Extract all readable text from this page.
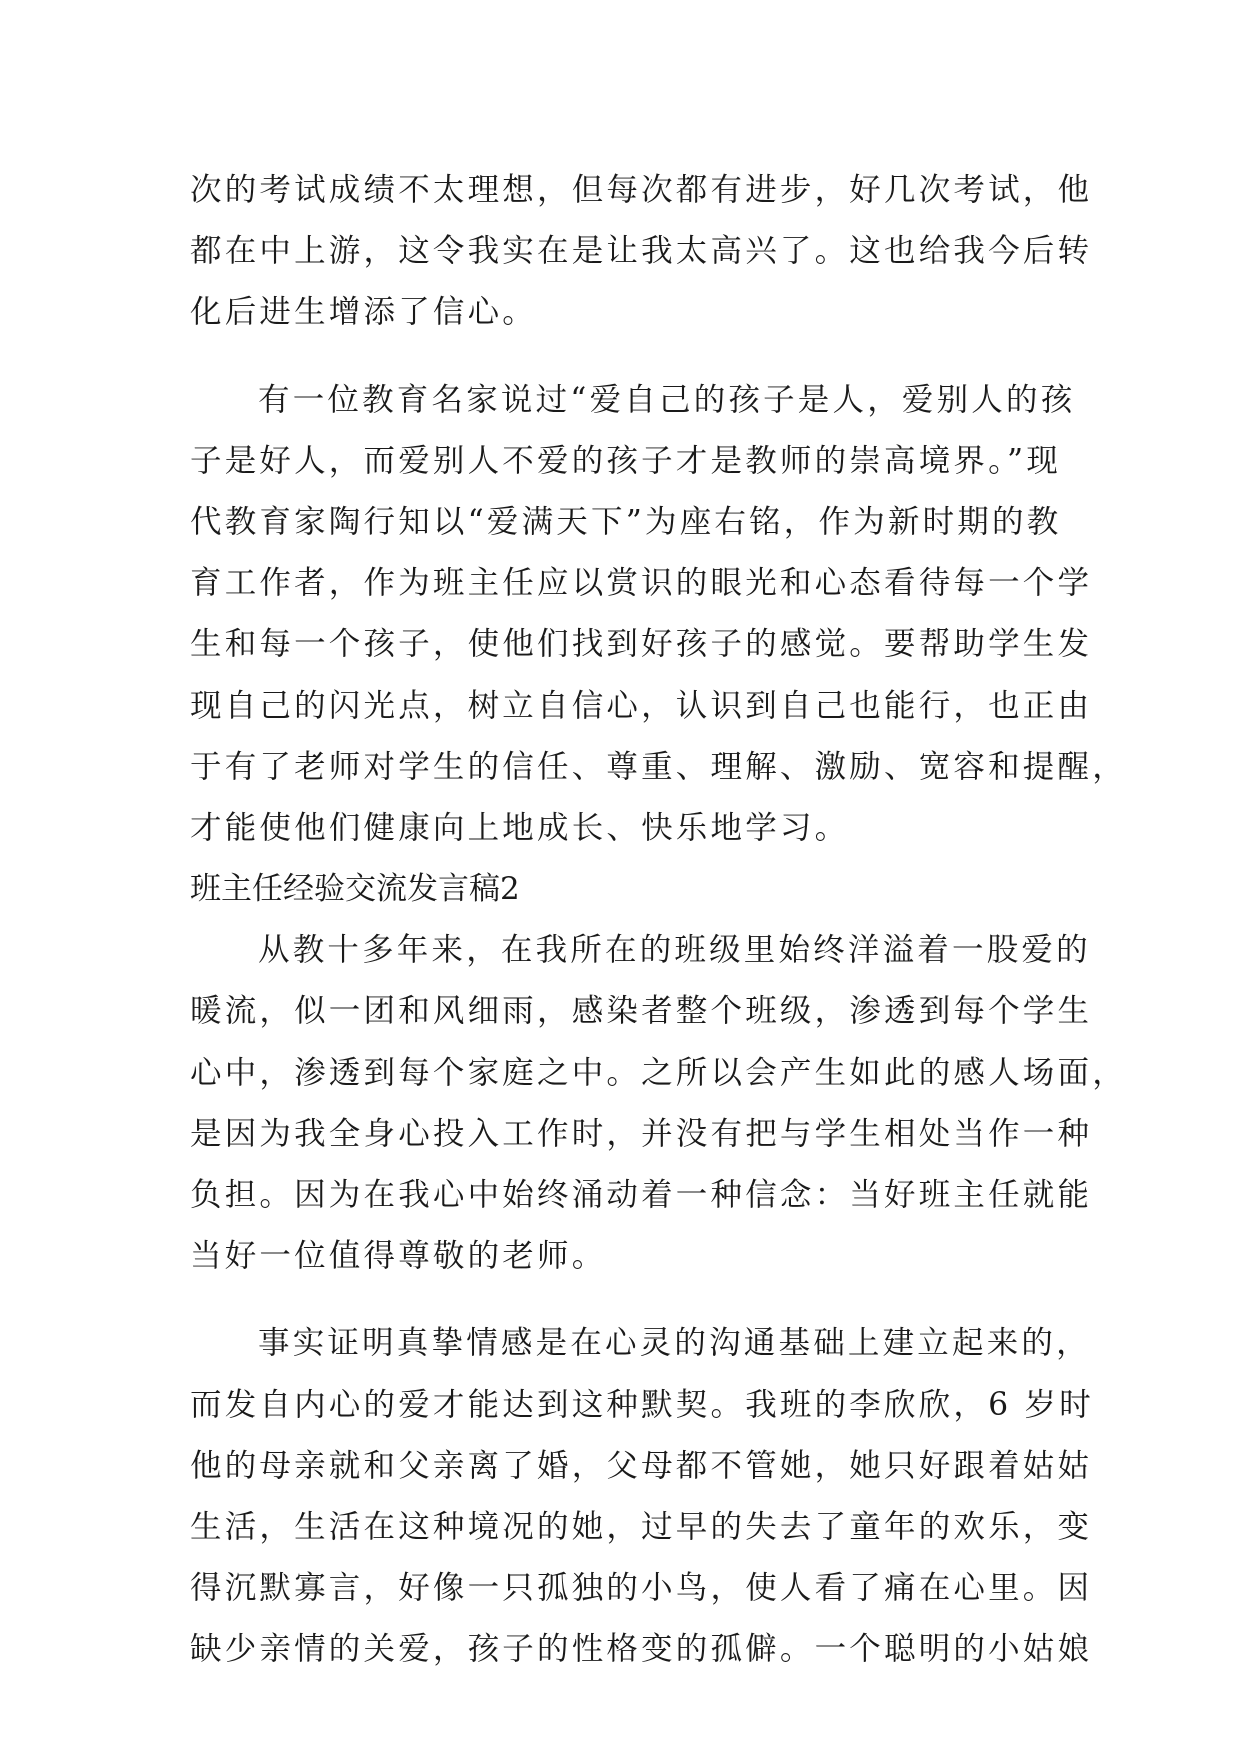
次的考试成绩不太理想，但每次都有进步，好几次考试，他
都在中上游，这令我实在是让我太高兴了。这也给我今后转
化后进生增添了信心。
有一位教育名家说过“爱自己的孩子是人，爱别人的孩
子是好人，而爱别人不爱的孩子才是教师的崇高境界。”现
代教育家陶行知以“爱满天下”为座右铭，作为新时期的教
育工作者，作为班主任应以赏识的眼光和心态看待每一个学
生和每一个孩子，使他们找到好孩子的感觉。要帮助学生发
现自己的闪光点，树立自信心，认识到自己也能行，也正由
于有了老师对学生的信任、尊重、理解、激励、宽容和提醒，
才能使他们健康向上地成长、快乐地学习。
班主任经验交流发言稿2
从教十多年来，在我所在的班级里始终洋溢着一股爱的
暖流，似一团和风细雨，感染者整个班级，渗透到每个学生
心中，渗透到每个家庭之中。之所以会产生如此的感人场面，
是因为我全身心投入工作时，并没有把与学生相处当作一种
负担。因为在我心中始终涌动着一种信念：当好班主任就能
当好一位值得尊敬的老师。
事实证明真挚情感是在心灵的沟通基础上建立起来的，
而发自内心的爱才能达到这种默契。我班的李欣欣，6 岁时
他的母亲就和父亲离了婚，父母都不管她，她只好跟着姑姑
生活，生活在这种境况的她，过早的失去了童年的欢乐，变
得沉默寡言，好像一只孤独的小鸟，使人看了痛在心里。因
缺少亲情的关爱，孩子的性格变的孤僻。一个聪明的小姑娘
